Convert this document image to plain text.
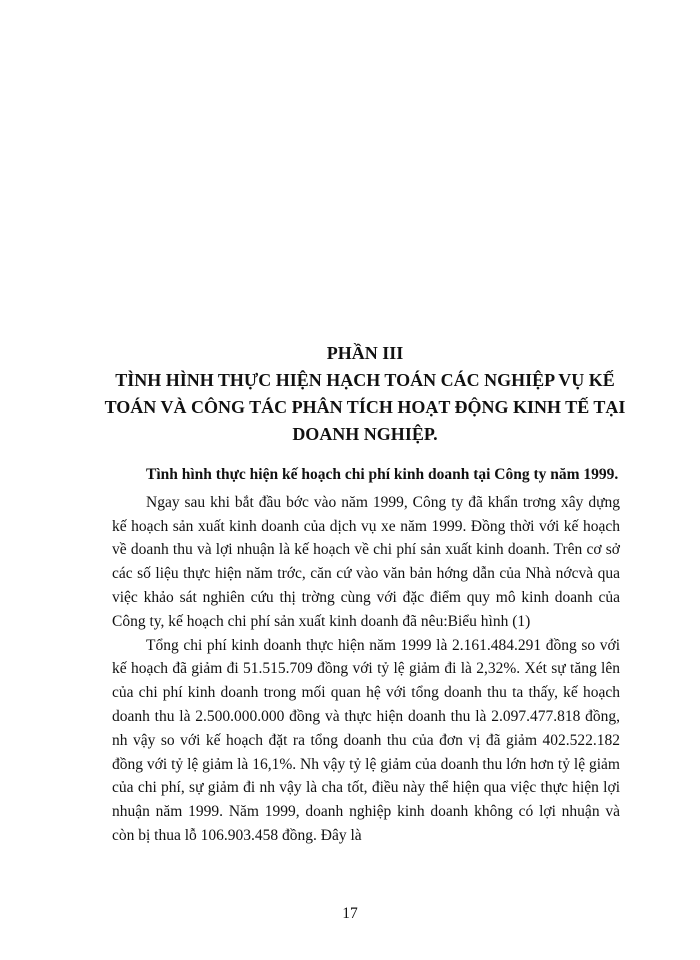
PHẦN III

TÌNH HÌNH THỰC HIỆN HẠCH TOÁN CÁC NGHIỆP VỤ KẾ TOÁN VÀ CÔNG TÁC PHÂN TÍCH HOẠT ĐỘNG KINH TẾ TẠI DOANH NGHIỆP.

Tình hình thực hiện kế hoạch chi phí kinh doanh tại Công ty năm 1999.

Ngay sau khi bắt đầu bớc vào năm 1999, Công ty đã khẩn trơng xây dựng kế hoạch sản xuất kinh doanh của dịch vụ xe năm 1999. Đồng thời với kế hoạch về doanh thu và lợi nhuận là kế hoạch về chi phí sản xuất kinh doanh. Trên cơ sở các số liệu thực hiện năm trớc, căn cứ vào văn bản hớng dẫn của Nhà nớcvà qua việc khảo sát nghiên cứu thị trờng cùng với đặc điểm quy mô kinh doanh của Công ty, kế hoạch chi phí sản xuất kinh doanh đã nêu:Biểu hình (1)

Tổng chi phí kinh doanh thực hiện năm 1999 là 2.161.484.291 đồng so với kế hoạch đã giảm đi 51.515.709 đồng với tỷ lệ giảm đi là 2,32%. Xét sự tăng lên của chi phí kinh doanh trong mối quan hệ với tổng doanh thu ta thấy, kế hoạch doanh thu là 2.500.000.000 đồng và thực hiện doanh thu là 2.097.477.818 đồng, nh vậy so với kế hoạch đặt ra tổng doanh thu của đơn vị đã giảm 402.522.182 đồng với tỷ lệ giảm là 16,1%. Nh vậy tỷ lệ giảm của doanh thu lớn hơn tỷ lệ giảm của chi phí, sự giảm đi nh vậy là cha tốt, điều này thể hiện qua việc thực hiện lợi nhuận năm 1999. Năm 1999, doanh nghiệp kinh doanh không có lợi nhuận và còn bị thua lỗ 106.903.458 đồng. Đây là

17
